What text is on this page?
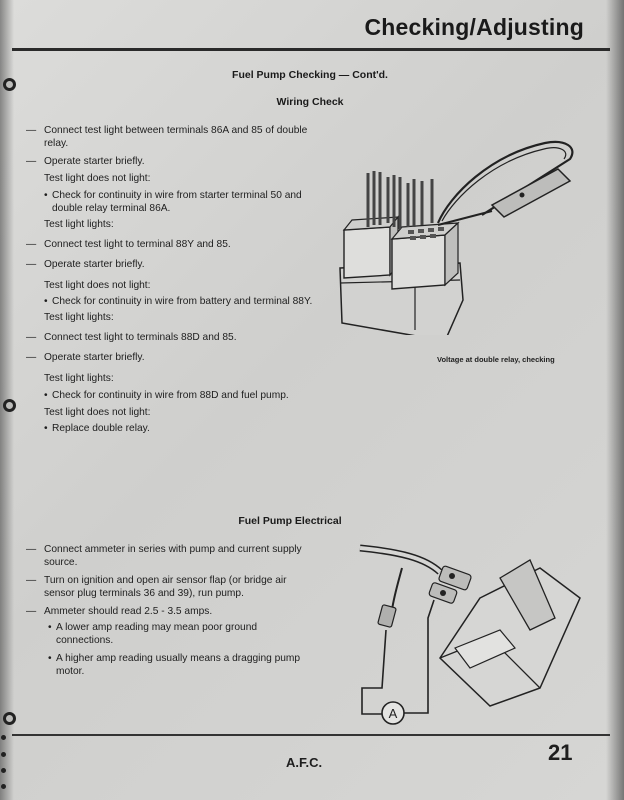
Checking/Adjusting
Fuel Pump Checking — Cont'd.
Wiring Check
— Connect test light between terminals 86A and 85 of double relay.
— Operate starter briefly.
Test light does not light:
• Check for continuity in wire from starter terminal 50 and double relay terminal 86A.
Test light lights:
— Connect test light to terminal 88Y and 85.
— Operate starter briefly.
Test light does not light:
• Check for continuity in wire from battery and terminal 88Y.
Test light lights:
— Connect test light to terminals 88D and 85.
— Operate starter briefly.
Test light lights:
• Check for continuity in wire from 88D and fuel pump.
Test light does not light:
• Replace double relay.
Voltage at double relay, checking
Fuel Pump Electrical
— Connect ammeter in series with pump and current supply source.
— Turn on ignition and open air sensor flap (or bridge air sensor plug terminals 36 and 39), run pump.
— Ammeter should read 2.5 - 3.5 amps.
• A lower amp reading may mean poor ground connections.
• A higher amp reading usually means a dragging pump motor.
A
A.F.C.	21
